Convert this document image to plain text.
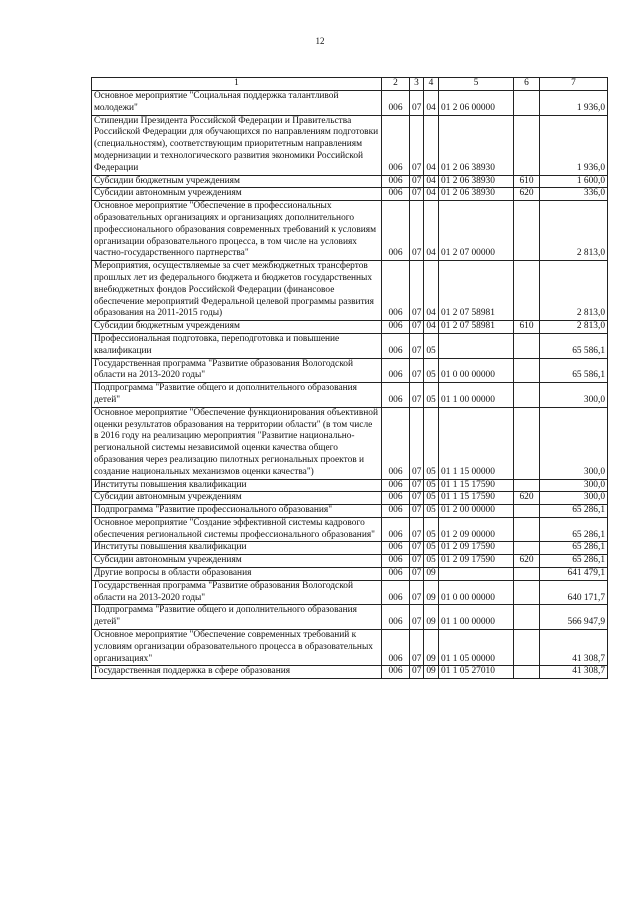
12
1	2	3	4	5	6	7
Основное мероприятие "Социальная поддержка талантливой молодежи"	006	07	04	01 2 06 00000		1 936,0
Стипендии Президента Российской Федерации и Правительства Российской Федерации для обучающихся по направлениям подготовки (специальностям), соответствующим приоритетным направлениям модернизации и технологического развития экономики Российской Федерации	006	07	04	01 2 06 38930		1 936,0
Субсидии бюджетным учреждениям	006	07	04	01 2 06 38930	610	1 600,0
Субсидии автономным учреждениям	006	07	04	01 2 06 38930	620	336,0
Основное мероприятие "Обеспечение в профессиональных образовательных организациях и организациях дополнительного профессионального образования современных требований к условиям организации образовательного процесса, в том числе на условиях частно-государственного партнерства"	006	07	04	01 2 07 00000		2 813,0
Мероприятия, осуществляемые за счет межбюджетных трансфертов прошлых лет из федерального бюджета и бюджетов государственных внебюджетных фондов Российской Федерации (финансовое обеспечение мероприятий Федеральной целевой программы развития образования на 2011-2015 годы)	006	07	04	01 2 07 58981		2 813,0
Субсидии бюджетным учреждениям	006	07	04	01 2 07 58981	610	2 813,0
Профессиональная подготовка, переподготовка и повышение квалификации	006	07	05			65 586,1
Государственная программа "Развитие образования Вологодской области на 2013-2020 годы"	006	07	05	01 0 00 00000		65 586,1
Подпрограмма "Развитие общего и дополнительного образования детей"	006	07	05	01 1 00 00000		300,0
Основное мероприятие "Обеспечение функционирования объективной оценки результатов образования на территории области" (в том числе в 2016 году на реализацию мероприятия "Развитие национально-региональной системы независимой оценки качества общего образования через реализацию пилотных региональных проектов и создание национальных механизмов оценки качества")	006	07	05	01 1 15 00000		300,0
Институты повышения квалификации	006	07	05	01 1 15 17590		300,0
Субсидии автономным учреждениям	006	07	05	01 1 15 17590	620	300,0
Подпрограмма "Развитие профессионального образования"	006	07	05	01 2 00 00000		65 286,1
Основное мероприятие "Создание эффективной системы кадрового обеспечения региональной системы профессионального образования"	006	07	05	01 2 09 00000		65 286,1
Институты повышения квалификации	006	07	05	01 2 09 17590		65 286,1
Субсидии автономным учреждениям	006	07	05	01 2 09 17590	620	65 286,1
Другие вопросы в области образования	006	07	09			641 479,1
Государственная программа "Развитие образования Вологодской области на 2013-2020 годы"	006	07	09	01 0 00 00000		640 171,7
Подпрограмма "Развитие общего и дополнительного образования детей"	006	07	09	01 1 00 00000		566 947,9
Основное мероприятие "Обеспечение современных требований к условиям организации образовательного процесса в образовательных организациях"	006	07	09	01 1 05 00000		41 308,7
Государственная поддержка в сфере образования	006	07	09	01 1 05 27010		41 308,7
